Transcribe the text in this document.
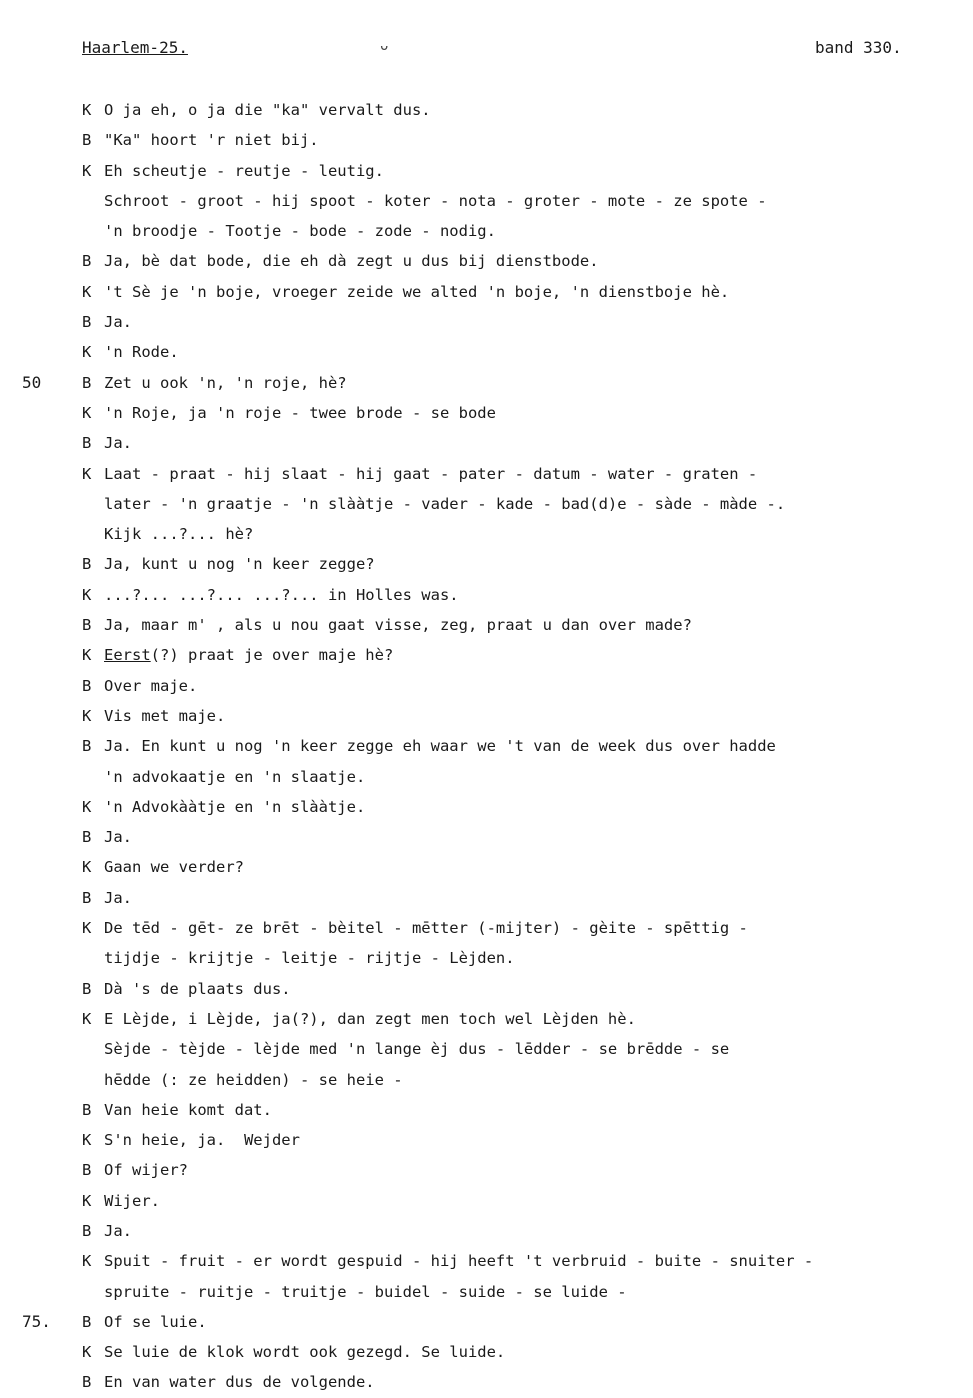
Haarlem-25.	ᴗ	band 330.
K O ja eh, o ja die "ka" vervalt dus.
B "Ka" hoort 'r niet bij.
K Eh scheutje - reutje - leutig.
Schroot - groot - hij spoot - koter - nota - groter - mote - ze spote -
'n broodje - Tootje - bode - zode - nodig.
B Ja, bè dat bode, die eh dà zegt u dus bij dienstbode.
K 't Sè je 'n boje, vroeger zeide we alted 'n boje, 'n dienstboje hè.
B Ja.
K 'n Rode.
50	B Zet u ook 'n, 'n roje, hè?
K 'n Roje, ja 'n roje - twee brode - se bode
B Ja.
K Laat - praat - hij slaat - hij gaat - pater - datum - water - graten -
later - 'n graatje - 'n slààtje - vader - kade - bad(d)e - sàde - màde -.
Kijk ...?... hè?
B Ja, kunt u nog 'n keer zegge?
K ...?... ...?... ...?... in Holles was.
B Ja, maar m' , als u nou gaat visse, zeg, praat u dan over made?
K Eerst(?) praat je over maje hè?
B Over maje.
K Vis met maje.
B Ja. En kunt u nog 'n keer zegge eh waar we 't van de week dus over hadde
'n advokaatje en 'n slaatje.
K 'n Advokààtje en 'n slààtje.
B Ja.
K Gaan we verder?
B Ja.
K De tēd - gēt- ze brēt - bèitel - mētter (-mijter) - gèite - spēttig -
tijdje - krijtje - leitje - rijtje - Lèjden.
B Dà 's de plaats dus.
K E Lèjde, i Lèjde, ja(?), dan zegt men toch wel Lèjden hè.
Sèjde - tèjde - lèjde med 'n lange èj dus - lēdder - se brēdde - se
hēdde (: ze heidden) - se heie -
B Van heie komt dat.
K S'n heie, ja.  Wejder
B Of wijer?
K Wijer.
B Ja.
K Spuit - fruit - er wordt gespuid - hij heeft 't verbruid - buite - snuiter -
spruite - ruitje - truitje - buidel - suide - se luide -
75. B Of se luie.
K Se luie de klok wordt ook gezegd. Se luide.
B En van water dus de volgende.
